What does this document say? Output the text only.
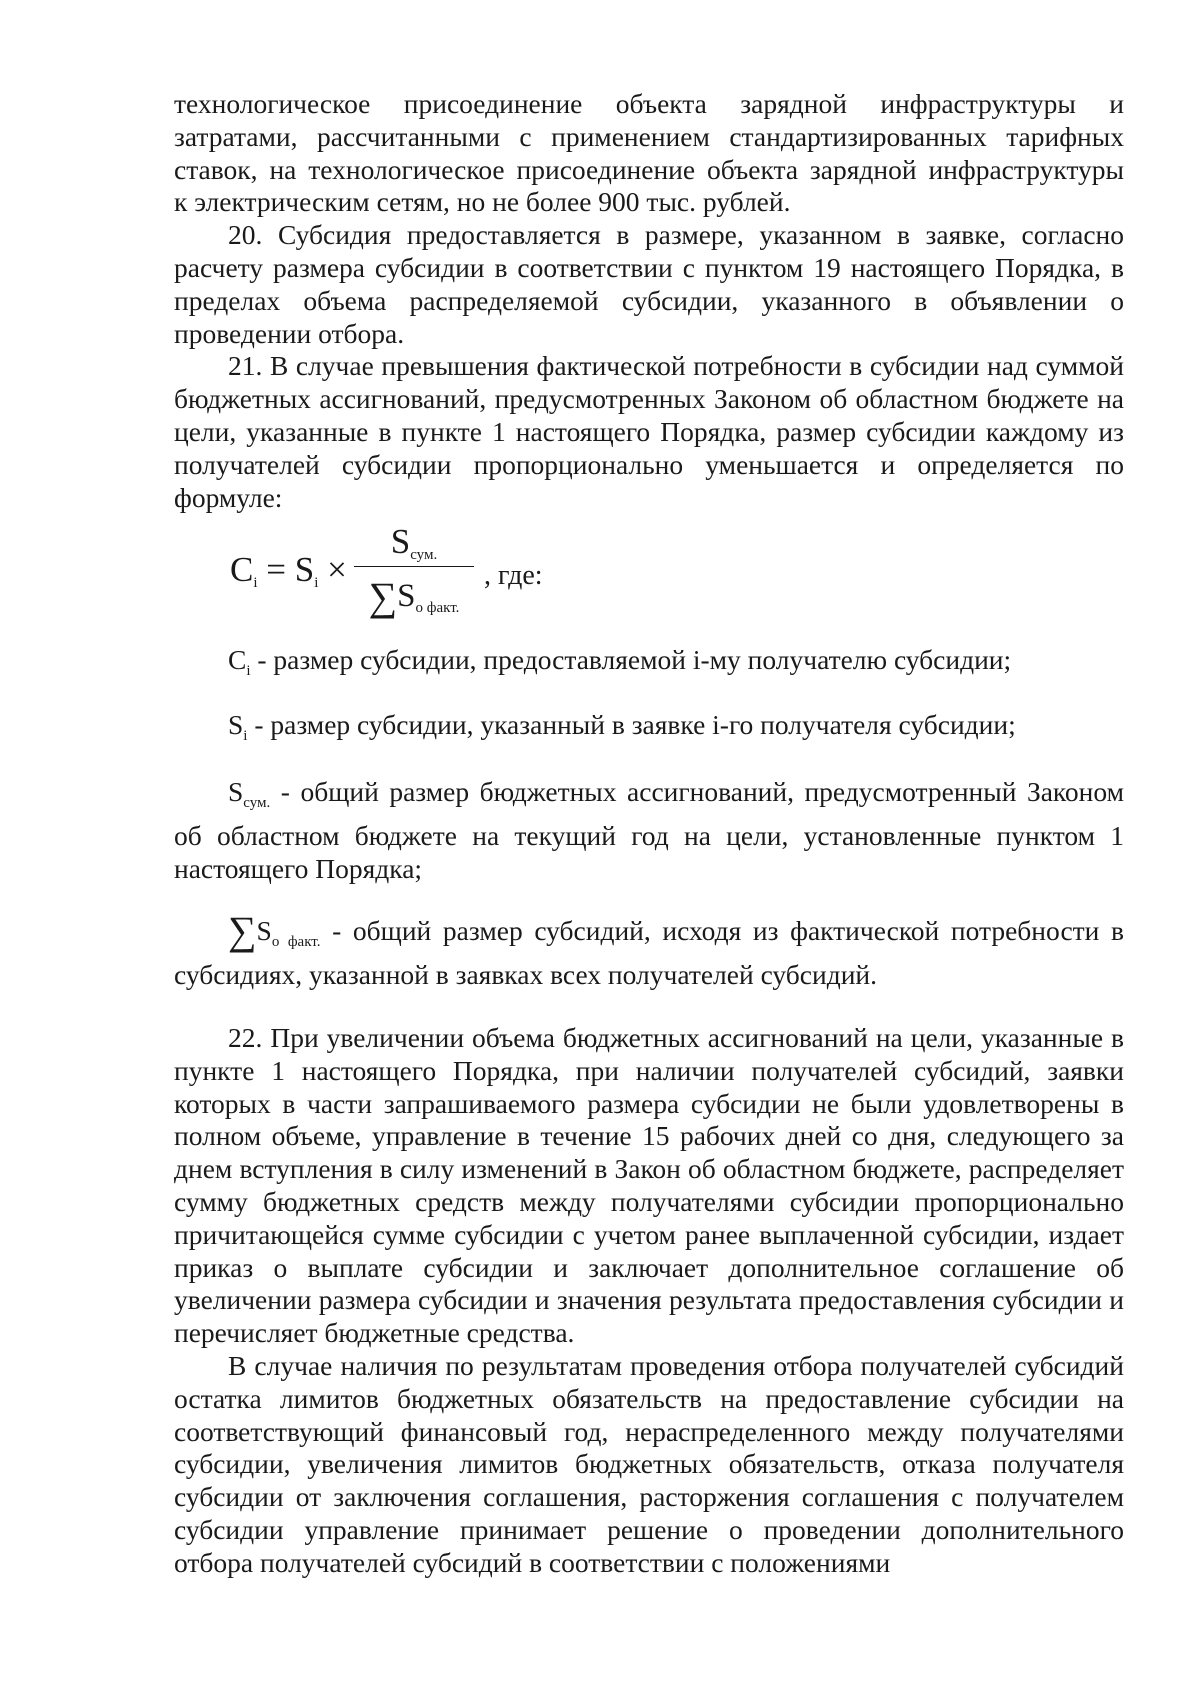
технологическое присоединение объекта зарядной инфраструктуры и

затратами, рассчитанными с применением стандартизированных тарифных

ставок, на технологическое присоединение объекта зарядной инфраструктуры

к электрическим сетям, но не более 900 тыс. рублей.

20. Субсидия предоставляется в размере, указанном в заявке, согласно расчету размера субсидии в соответствии с пунктом 19 настоящего Порядка, в пределах объема распределяемой субсидии, указанного в объявлении о проведении отбора.

21. В случае превышения фактической потребности в субсидии над суммой бюджетных ассигнований, предусмотренных Законом об областном бюджете на цели, указанные в пункте 1 настоящего Порядка, размер субсидии каждому из получателей субсидии пропорционально уменьшается и определяется по формуле:

$C_i = S_i$ ×
$S_{сум.}$
$\sum S_{о факт.}$
, где:

$C_i$ - размер субсидии, предоставляемой i-му получателю субсидии;

$S_i$ - размер субсидии, указанный в заявке i-го получателя субсидии;

$S_{сум.}$ - общий размер бюджетных ассигнований, предусмотренный Законом об областном бюджете на текущий год на цели, установленные пунктом 1 настоящего Порядка;

$\sum S_{о факт.}$ - общий размер субсидий, исходя из фактической потребности в субсидиях, указанной в заявках всех получателей субсидий.

22. При увеличении объема бюджетных ассигнований на цели, указанные в пункте 1 настоящего Порядка, при наличии получателей субсидий, заявки которых в части запрашиваемого размера субсидии не были удовлетворены в полном объеме, управление в течение 15 рабочих дней со дня, следующего за днем вступления в силу изменений в Закон об областном бюджете, распределяет сумму бюджетных средств между получателями субсидии пропорционально причитающейся сумме субсидии с учетом ранее выплаченной субсидии, издает приказ о выплате субсидии и заключает дополнительное соглашение об увеличении размера субсидии и значения результата предоставления субсидии и перечисляет бюджетные средства.

В случае наличия по результатам проведения отбора получателей субсидий остатка лимитов бюджетных обязательств на предоставление субсидии на соответствующий финансовый год, нераспределенного между получателями субсидии, увеличения лимитов бюджетных обязательств, отказа получателя субсидии от заключения соглашения, расторжения соглашения с получателем субсидии управление принимает решение о проведении дополнительного отбора получателей субсидий в соответствии с положениями
